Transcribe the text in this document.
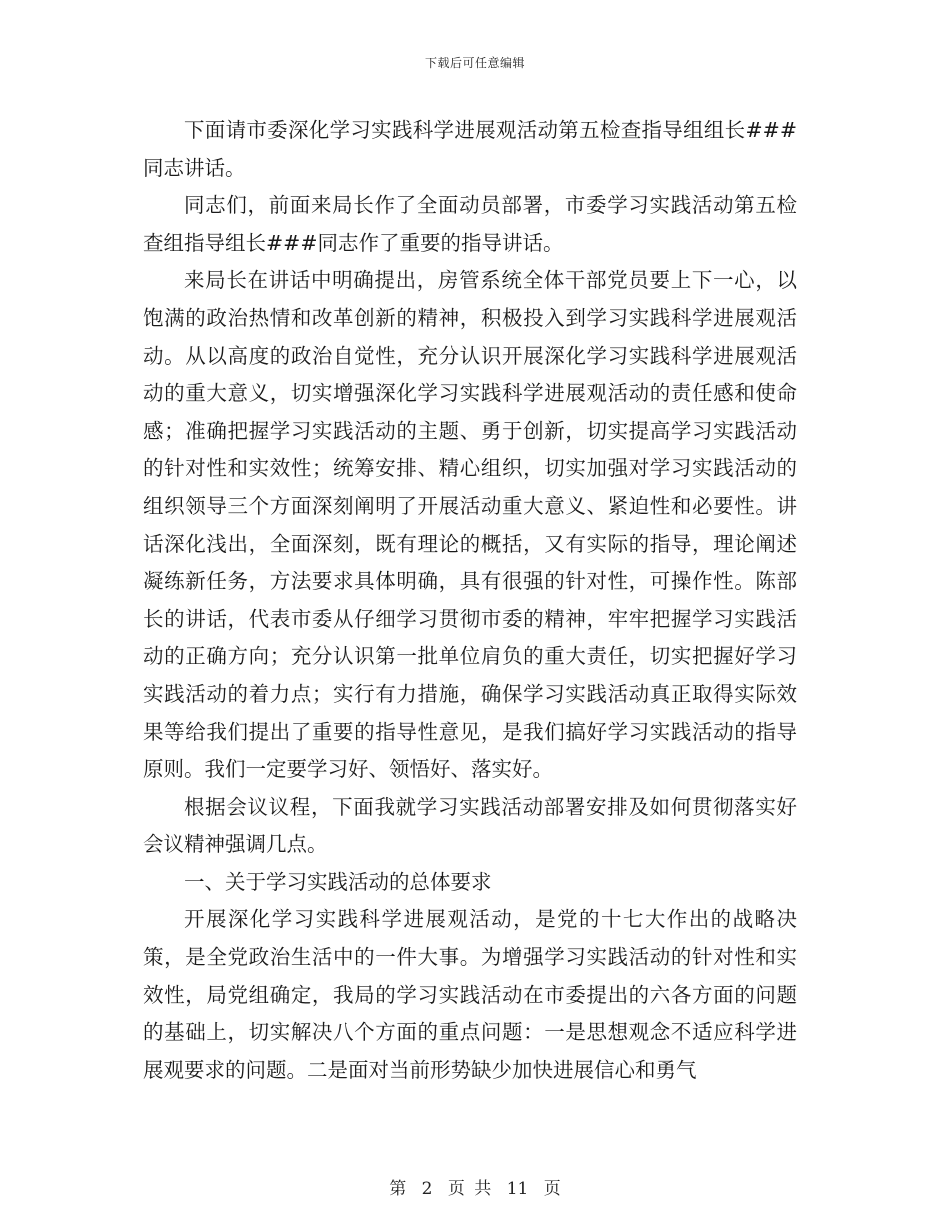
下载后可任意编辑

下面请市委深化学习实践科学进展观活动第五检查指导组组长###同志讲话。

同志们，前面来局长作了全面动员部署，市委学习实践活动第五检查组指导组长###同志作了重要的指导讲话。

来局长在讲话中明确提出，房管系统全体干部党员要上下一心，以饱满的政治热情和改革创新的精神，积极投入到学习实践科学进展观活动。从以高度的政治自觉性，充分认识开展深化学习实践科学进展观活动的重大意义，切实增强深化学习实践科学进展观活动的责任感和使命感；准确把握学习实践活动的主题、勇于创新，切实提高学习实践活动的针对性和实效性；统筹安排、精心组织，切实加强对学习实践活动的组织领导三个方面深刻阐明了开展活动重大意义、紧迫性和必要性。讲话深化浅出，全面深刻，既有理论的概括，又有实际的指导，理论阐述凝练新任务，方法要求具体明确，具有很强的针对性，可操作性。陈部长的讲话，代表市委从仔细学习贯彻市委的精神，牢牢把握学习实践活动的正确方向；充分认识第一批单位肩负的重大责任，切实把握好学习实践活动的着力点；实行有力措施，确保学习实践活动真正取得实际效果等给我们提出了重要的指导性意见，是我们搞好学习实践活动的指导原则。我们一定要学习好、领悟好、落实好。

根据会议议程，下面我就学习实践活动部署安排及如何贯彻落实好会议精神强调几点。

一、关于学习实践活动的总体要求

开展深化学习实践科学进展观活动，是党的十七大作出的战略决策，是全党政治生活中的一件大事。为增强学习实践活动的针对性和实效性，局党组确定，我局的学习实践活动在市委提出的六各方面的问题的基础上，切实解决八个方面的重点问题：一是思想观念不适应科学进展观要求的问题。二是面对当前形势缺少加快进展信心和勇气

第 2 页 共 11 页
